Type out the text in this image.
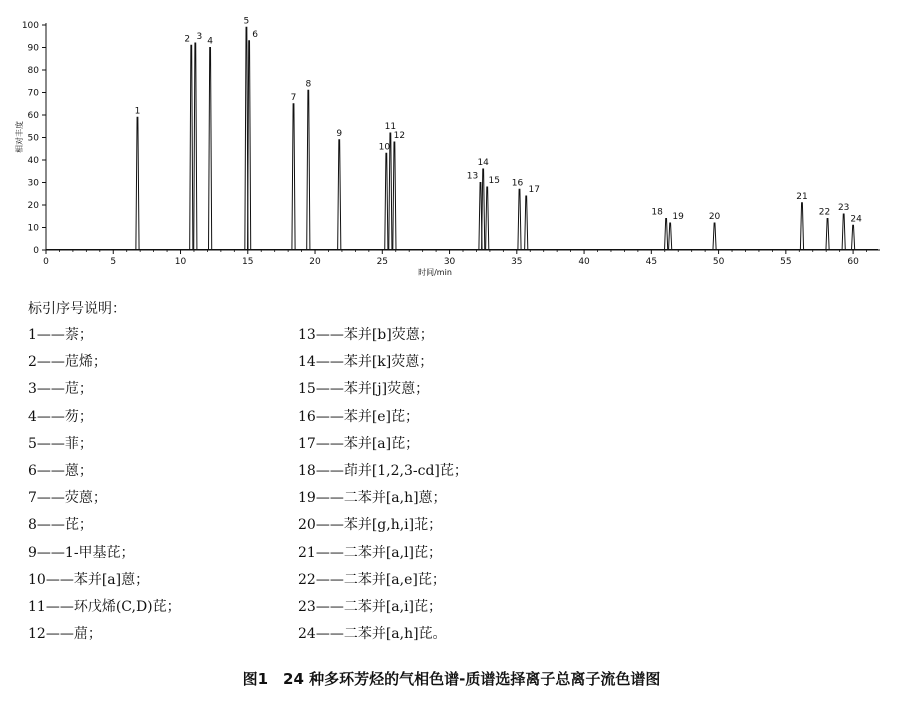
0
10
20
30
40
50
60
70
80
90
100
0	5	10	15	20	25	30	35	40	45	50	55	60
1
2 3 4
5
6
7
8
9
10
11
12
13
14
15 16
17
18 19	20
21
22 23
24
相对丰度
时间/min
标引序号说明：
1——萘；
2——苊烯；
3——苊；
4——芴；
5——菲；
6——蒽；
7——荧蒽；
8——芘；
9——1-甲基芘；
10——苯并[a]蒽；
11——环戊烯(C,D)芘；
12——䓛；
13——苯并[b]荧蒽；
14——苯并[k]荧蒽；
15——苯并[j]荧蒽；
16——苯并[e]芘；
17——苯并[a]芘；
18——茚并[1,2,3-cd]芘；
19——二苯并[a,h]蒽；
20——苯并[g,h,i]苝；
21——二苯并[a,l]芘；
22——二苯并[a,e]芘；
23——二苯并[a,i]芘；
24——二苯并[a,h]芘。
图1　24 种多环芳烃的气相色谱-质谱选择离子总离子流色谱图
